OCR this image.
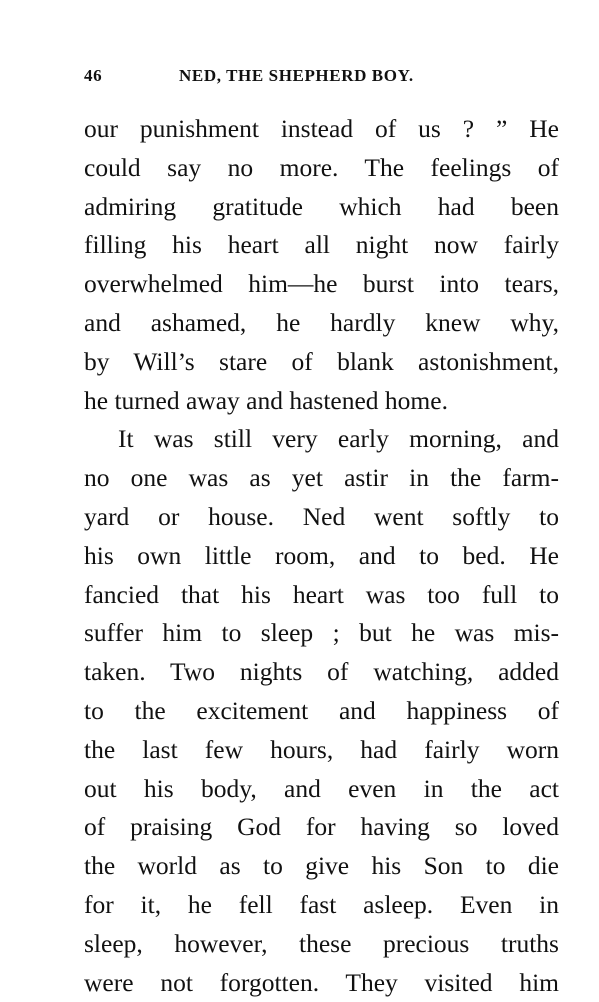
46	NED, THE SHEPHERD BOY.
our punishment instead of us ? ” He
could say no more. The feelings of
admiring gratitude which had been
filling his heart all night now fairly
overwhelmed him—he burst into tears,
and ashamed, he hardly knew why,
by Will’s stare of blank astonishment,
he turned away and hastened home.
It was still very early morning, and
no one was as yet astir in the farm-
yard or house. Ned went softly to
his own little room, and to bed. He
fancied that his heart was too full to
suffer him to sleep ; but he was mis-
taken. Two nights of watching, added
to the excitement and happiness of
the last few hours, had fairly worn
out his body, and even in the act
of praising God for having so loved
the world as to give his Son to die
for it, he fell fast asleep. Even in
sleep, however, these precious truths
were not forgotten. They visited him
